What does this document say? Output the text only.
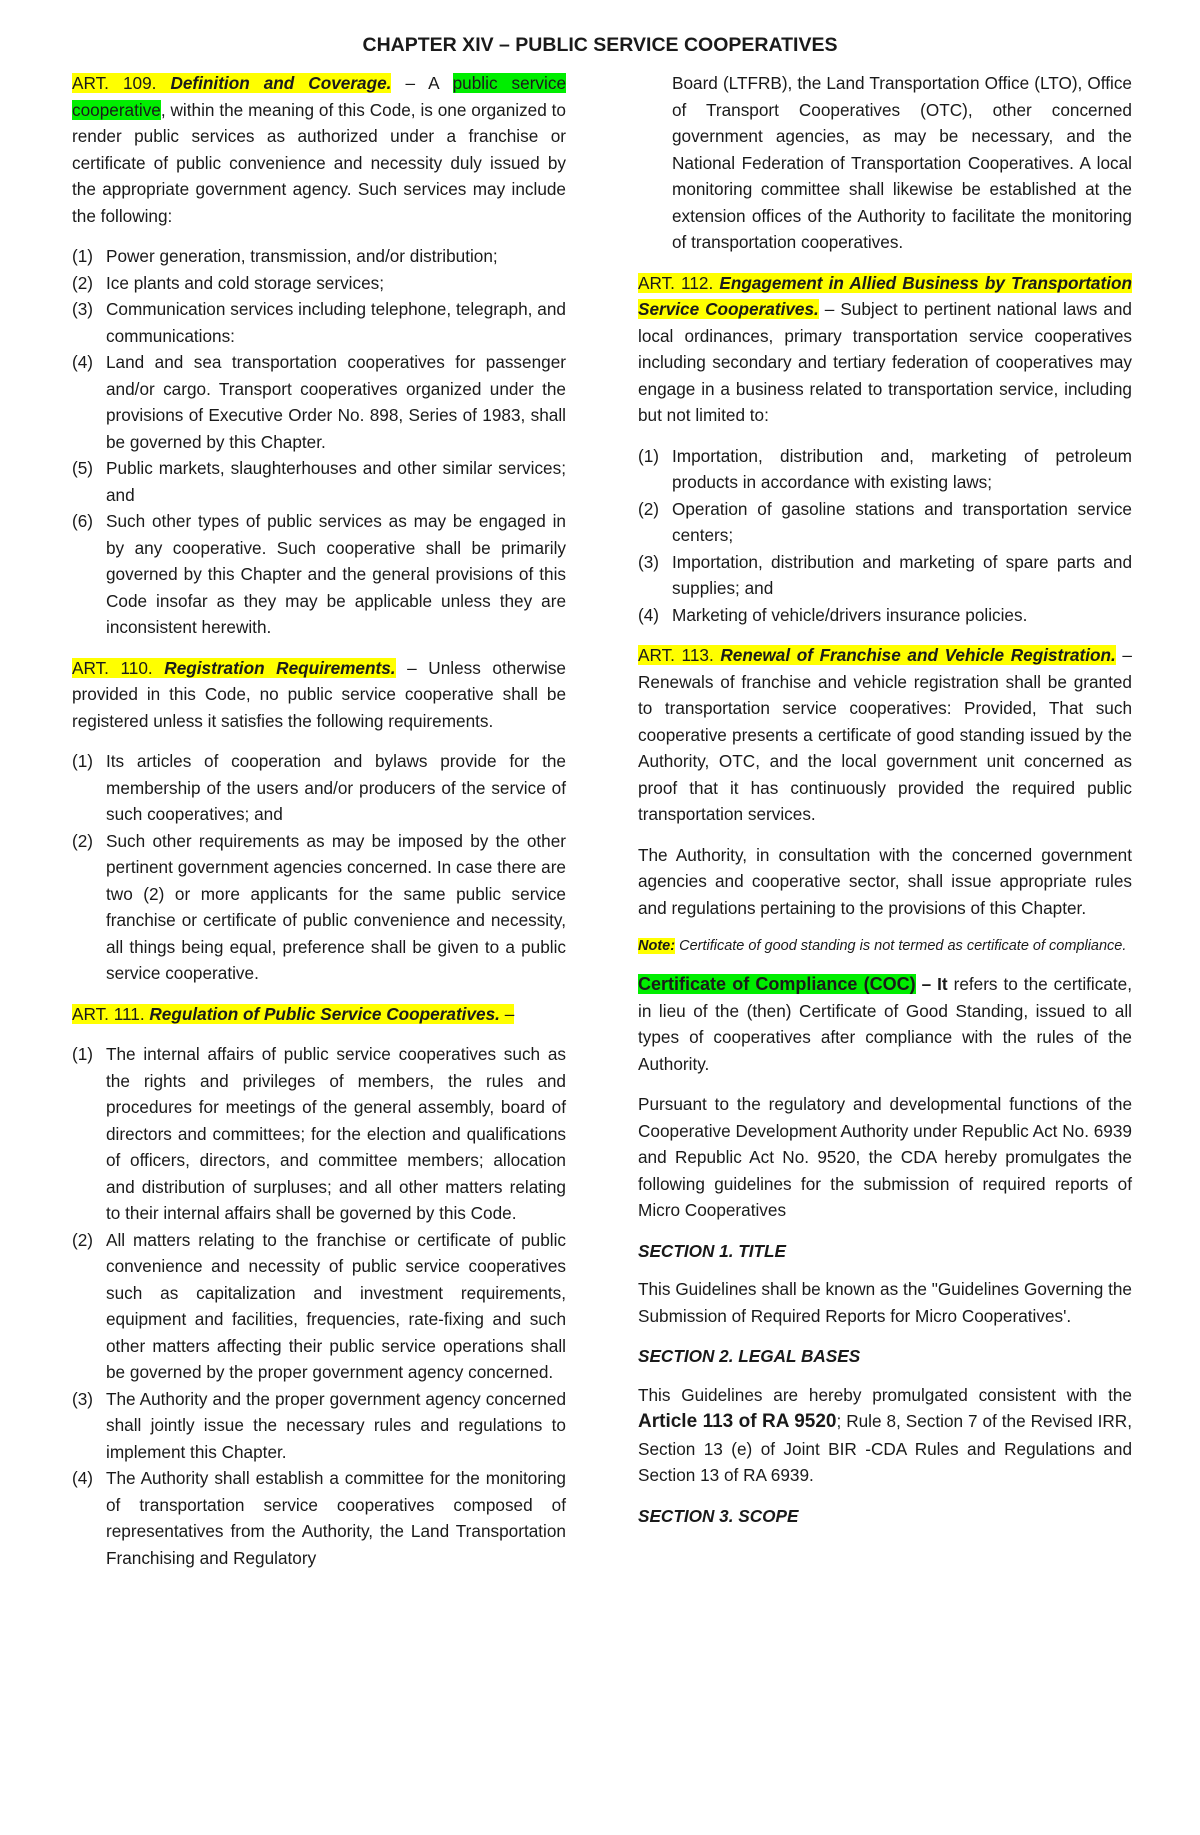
CHAPTER XIV – PUBLIC SERVICE COOPERATIVES

ART. 109. Definition and Coverage. – A public service cooperative, within the meaning of this Code, is one organized to render public services as authorized under a franchise or certificate of public convenience and necessity duly issued by the appropriate government agency. Such services may include the following:

(1) Power generation, transmission, and/or distribution;
(2) Ice plants and cold storage services;
(3) Communication services including telephone, telegraph, and communications:
(4) Land and sea transportation cooperatives for passenger and/or cargo. Transport cooperatives organized under the provisions of Executive Order No. 898, Series of 1983, shall be governed by this Chapter.
(5) Public markets, slaughterhouses and other similar services; and
(6) Such other types of public services as may be engaged in by any cooperative. Such cooperative shall be primarily governed by this Chapter and the general provisions of this Code insofar as they may be applicable unless they are inconsistent herewith.

ART. 110. Registration Requirements. – Unless otherwise provided in this Code, no public service cooperative shall be registered unless it satisfies the following requirements.

(1) Its articles of cooperation and bylaws provide for the membership of the users and/or producers of the service of such cooperatives; and
(2) Such other requirements as may be imposed by the other pertinent government agencies concerned. In case there are two (2) or more applicants for the same public service franchise or certificate of public convenience and necessity, all things being equal, preference shall be given to a public service cooperative.

ART. 111. Regulation of Public Service Cooperatives. –

(1) The internal affairs of public service cooperatives such as the rights and privileges of members, the rules and procedures for meetings of the general assembly, board of directors and committees; for the election and qualifications of officers, directors, and committee members; allocation and distribution of surpluses; and all other matters relating to their internal affairs shall be governed by this Code.
(2) All matters relating to the franchise or certificate of public convenience and necessity of public service cooperatives such as capitalization and investment requirements, equipment and facilities, frequencies, rate-fixing and such other matters affecting their public service operations shall be governed by the proper government agency concerned.
(3) The Authority and the proper government agency concerned shall jointly issue the necessary rules and regulations to implement this Chapter.
(4) The Authority shall establish a committee for the monitoring of transportation service cooperatives composed of representatives from the Authority, the Land Transportation Franchising and Regulatory
Board (LTFRB), the Land Transportation Office (LTO), Office of Transport Cooperatives (OTC), other concerned government agencies, as may be necessary, and the National Federation of Transportation Cooperatives. A local monitoring committee shall likewise be established at the extension offices of the Authority to facilitate the monitoring of transportation cooperatives.

ART. 112. Engagement in Allied Business by Transportation Service Cooperatives. – Subject to pertinent national laws and local ordinances, primary transportation service cooperatives including secondary and tertiary federation of cooperatives may engage in a business related to transportation service, including but not limited to:

(1) Importation, distribution and, marketing of petroleum products in accordance with existing laws;
(2) Operation of gasoline stations and transportation service centers;
(3) Importation, distribution and marketing of spare parts and supplies; and
(4) Marketing of vehicle/drivers insurance policies.

ART. 113. Renewal of Franchise and Vehicle Registration. – Renewals of franchise and vehicle registration shall be granted to transportation service cooperatives: Provided, That such cooperative presents a certificate of good standing issued by the Authority, OTC, and the local government unit concerned as proof that it has continuously provided the required public transportation services.

The Authority, in consultation with the concerned government agencies and cooperative sector, shall issue appropriate rules and regulations pertaining to the provisions of this Chapter.

Note: Certificate of good standing is not termed as certificate of compliance.

Certificate of Compliance (COC) – It refers to the certificate, in lieu of the (then) Certificate of Good Standing, issued to all types of cooperatives after compliance with the rules of the Authority.

Pursuant to the regulatory and developmental functions of the Cooperative Development Authority under Republic Act No. 6939 and Republic Act No. 9520, the CDA hereby promulgates the following guidelines for the submission of required reports of Micro Cooperatives

SECTION 1. TITLE

This Guidelines shall be known as the "Guidelines Governing the Submission of Required Reports for Micro Cooperatives'.

SECTION 2. LEGAL BASES

This Guidelines are hereby promulgated consistent with the Article 113 of RA 9520; Rule 8, Section 7 of the Revised IRR, Section 13 (e) of Joint BIR -CDA Rules and Regulations and Section 13 of RA 6939.

SECTION 3. SCOPE
